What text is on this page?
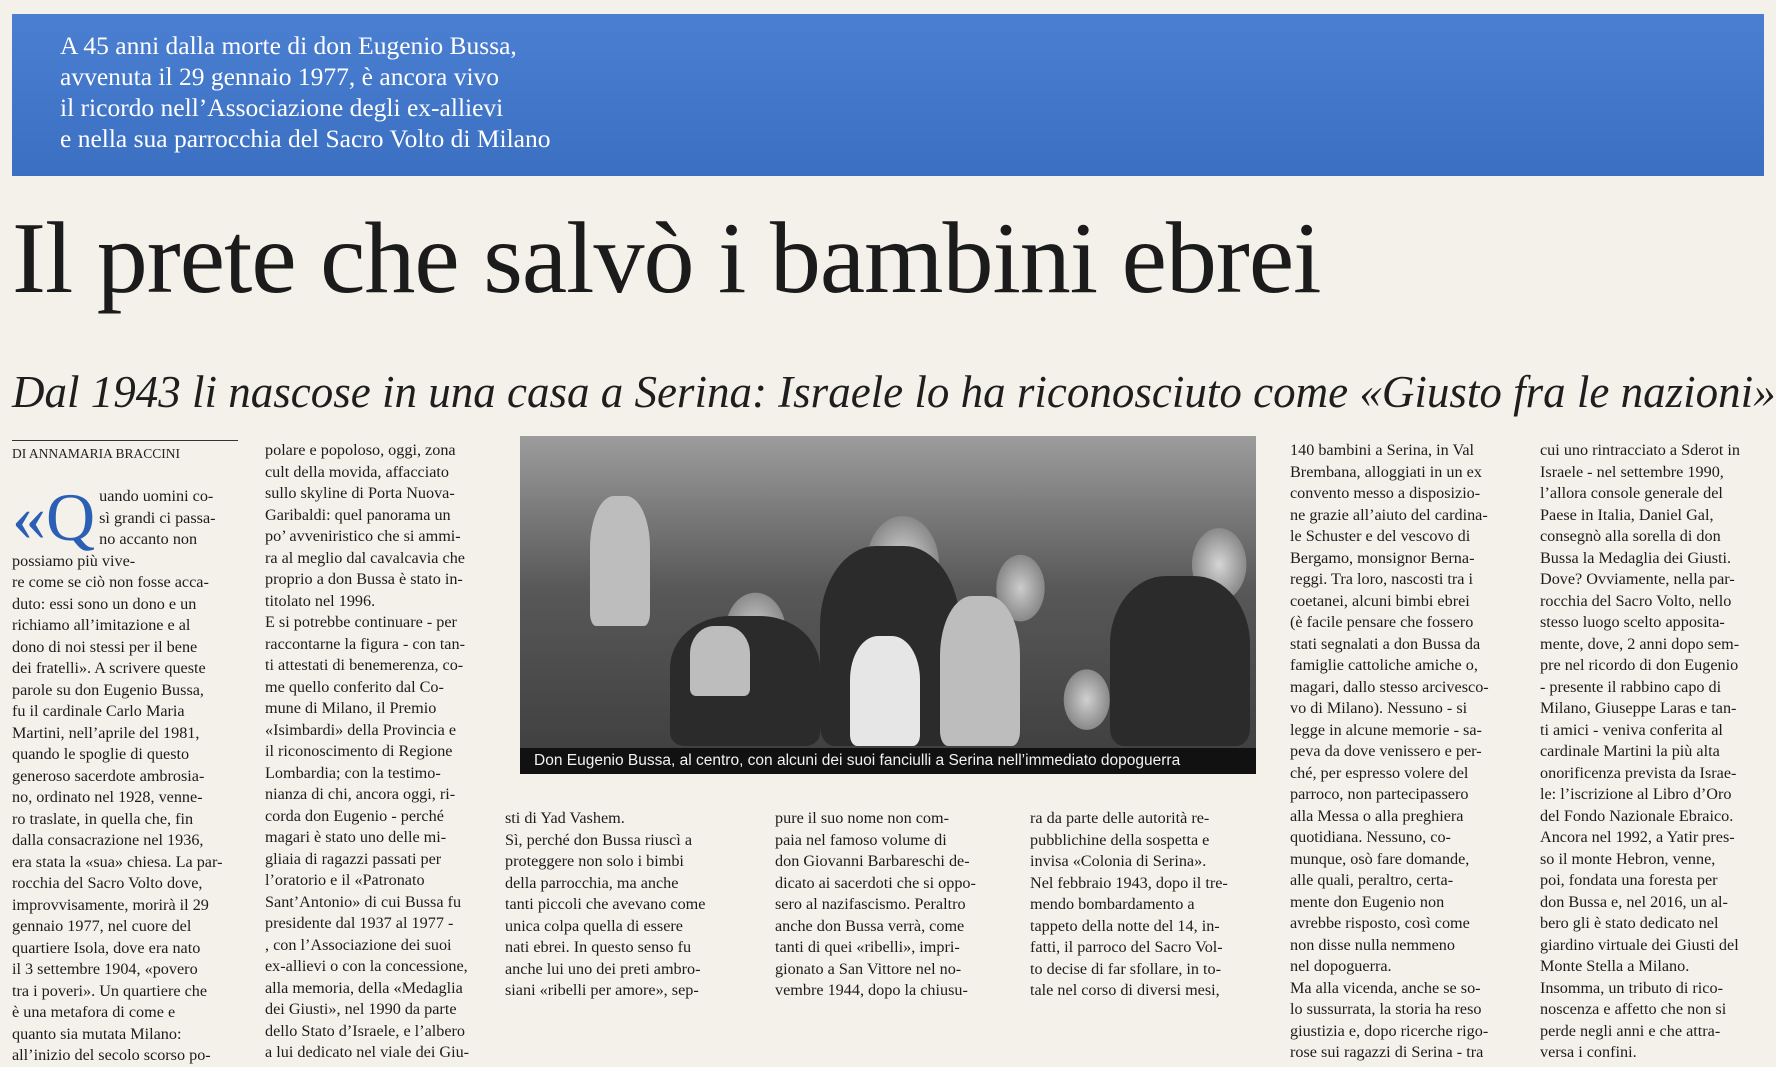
A 45 anni dalla morte di don Eugenio Bussa,
avvenuta il 29 gennaio 1977, è ancora vivo
il ricordo nell’Associazione degli ex-allievi
e nella sua parrocchia del Sacro Volto di Milano
Il prete che salvò i bambini ebrei
Dal 1943 li nascose in una casa a Serina: Israele lo ha riconosciuto come «Giusto fra le nazioni»
DI ANNAMARIA BRACCINI
«Q uando uomini co-
sì grandi ci passa-
no accanto non
possiamo più vive-
re come se ciò non fosse acca-
duto: essi sono un dono e un
richiamo all’imitazione e al
dono di noi stessi per il bene
dei fratelli». A scrivere queste
parole su don Eugenio Bussa,
fu il cardinale Carlo Maria
Martini, nell’aprile del 1981,
quando le spoglie di questo
generoso sacerdote ambrosia-
no, ordinato nel 1928, venne-
ro traslate, in quella che, fin
dalla consacrazione nel 1936,
era stata la «sua» chiesa. La par-
rocchia del Sacro Volto dove,
improvvisamente, morirà il 29
gennaio 1977, nel cuore del
quartiere Isola, dove era nato
il 3 settembre 1904, «povero
tra i poveri». Un quartiere che
è una metafora di come e
quanto sia mutata Milano:
all’inizio del secolo scorso po-
polare e popoloso, oggi, zona
cult della movida, affacciato
sullo skyline di Porta Nuova-
Garibaldi: quel panorama un
po’ avveniristico che si ammi-
ra al meglio dal cavalcavia che
proprio a don Bussa è stato in-
titolato nel 1996.
E si potrebbe continuare - per
raccontarne la figura - con tan-
ti attestati di benemerenza, co-
me quello conferito dal Co-
mune di Milano, il Premio
«Isimbardi» della Provincia e
il riconoscimento di Regione
Lombardia; con la testimo-
nianza di chi, ancora oggi, ri-
corda don Eugenio - perché
magari è stato uno delle mi-
gliaia di ragazzi passati per
l’oratorio e il «Patronato
Sant’Antonio» di cui Bussa fu
presidente dal 1937 al 1977 -
, con l’Associazione dei suoi
ex-allievi o con la concessione,
alla memoria, della «Medaglia
dei Giusti», nel 1990 da parte
dello Stato d’Israele, e l’albero
a lui dedicato nel viale dei Giu-
Don Eugenio Bussa, al centro, con alcuni dei suoi fanciulli a Serina nell’immediato dopoguerra
sti di Yad Vashem.
Sì, perché don Bussa riuscì a
proteggere non solo i bimbi
della parrocchia, ma anche
tanti piccoli che avevano come
unica colpa quella di essere
nati ebrei. In questo senso fu
anche lui uno dei preti ambro-
siani «ribelli per amore», sep-
pure il suo nome non com-
paia nel famoso volume di
don Giovanni Barbareschi de-
dicato ai sacerdoti che si oppo-
sero al nazifascismo. Peraltro
anche don Bussa verrà, come
tanti di quei «ribelli», impri-
gionato a San Vittore nel no-
vembre 1944, dopo la chiusu-
ra da parte delle autorità re-
pubblichine della sospetta e
invisa «Colonia di Serina».
Nel febbraio 1943, dopo il tre-
mendo bombardamento a
tappeto della notte del 14, in-
fatti, il parroco del Sacro Vol-
to decise di far sfollare, in to-
tale nel corso di diversi mesi,
140 bambini a Serina, in Val
Brembana, alloggiati in un ex
convento messo a disposizio-
ne grazie all’aiuto del cardina-
le Schuster e del vescovo di
Bergamo, monsignor Berna-
reggi. Tra loro, nascosti tra i
coetanei, alcuni bimbi ebrei
(è facile pensare che fossero
stati segnalati a don Bussa da
famiglie cattoliche amiche o,
magari, dallo stesso arcivesco-
vo di Milano). Nessuno - si
legge in alcune memorie - sa-
peva da dove venissero e per-
ché, per espresso volere del
parroco, non partecipassero
alla Messa o alla preghiera
quotidiana. Nessuno, co-
munque, osò fare domande,
alle quali, peraltro, certa-
mente don Eugenio non
avrebbe risposto, così come
non disse nulla nemmeno
nel dopoguerra.
Ma alla vicenda, anche se so-
lo sussurrata, la storia ha reso
giustizia e, dopo ricerche rigo-
rose sui ragazzi di Serina - tra
cui uno rintracciato a Sderot in
Israele - nel settembre 1990,
l’allora console generale del
Paese in Italia, Daniel Gal,
consegnò alla sorella di don
Bussa la Medaglia dei Giusti.
Dove? Ovviamente, nella par-
rocchia del Sacro Volto, nello
stesso luogo scelto apposita-
mente, dove, 2 anni dopo sem-
pre nel ricordo di don Eugenio
- presente il rabbino capo di
Milano, Giuseppe Laras e tan-
ti amici - veniva conferita al
cardinale Martini la più alta
onorificenza prevista da Israe-
le: l’iscrizione al Libro d’Oro
del Fondo Nazionale Ebraico.
Ancora nel 1992, a Yatir pres-
so il monte Hebron, venne,
poi, fondata una foresta per
don Bussa e, nel 2016, un al-
bero gli è stato dedicato nel
giardino virtuale dei Giusti del
Monte Stella a Milano.
Insomma, un tributo di rico-
noscenza e affetto che non si
perde negli anni e che attra-
versa i confini.
